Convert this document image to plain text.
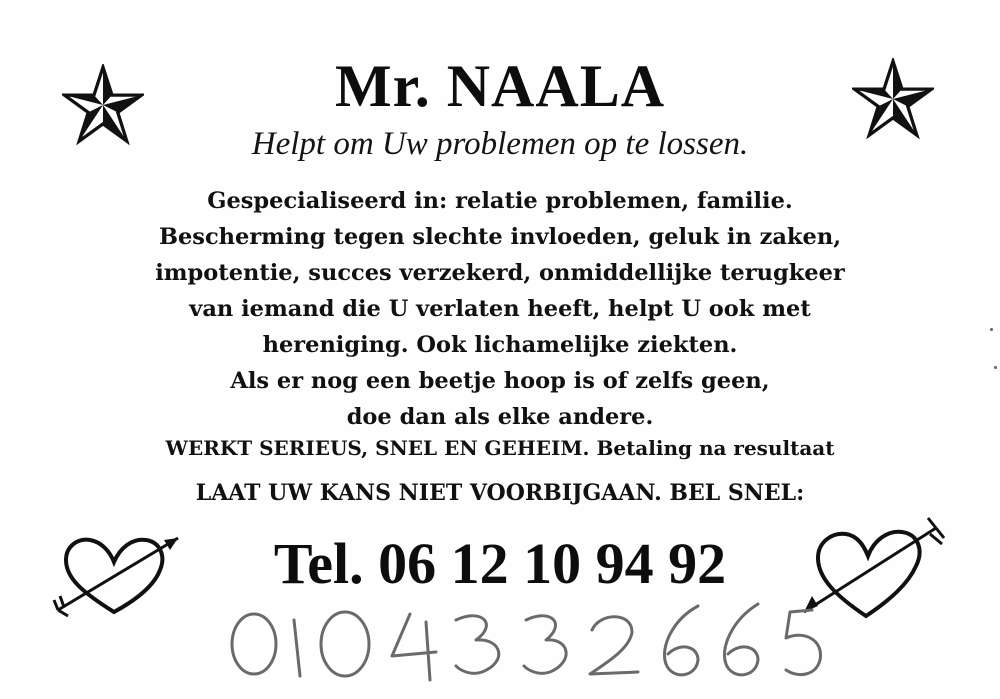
Mr. NAALA
Helpt om Uw problemen op te lossen.
Gespecialiseerd in: relatie problemen, familie.
Bescherming tegen slechte invloeden, geluk in zaken,
impotentie, succes verzekerd, onmiddellijke terugkeer
van iemand die U verlaten heeft, helpt U ook met
hereniging. Ook lichamelijke ziekten.
Als er nog een beetje hoop is of zelfs geen,
doe dan als elke andere.
WERKT SERIEUS, SNEL EN GEHEIM. Betaling na resultaat
LAAT UW KANS NIET VOORBIJGAAN. BEL SNEL:
Tel. 06 12 10 94 92
